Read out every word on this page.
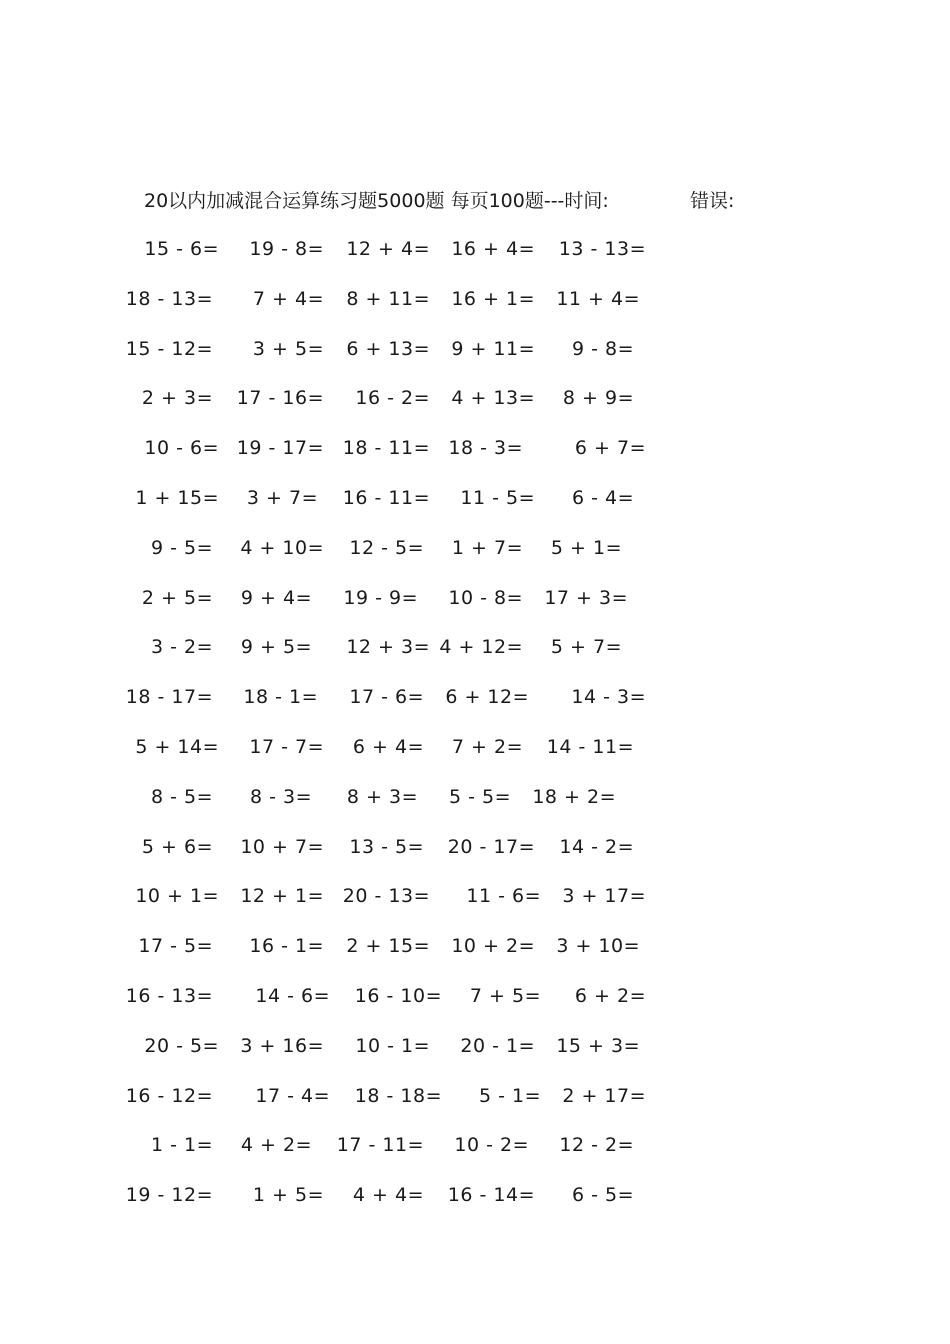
20以内加减混合运算练习题5000题 每页100题---时间:	错误:
15 - 6= 19 - 8= 12 + 4= 16 + 4= 13 - 13=
18 - 13= 7 + 4= 8 + 11= 16 + 1= 11 + 4=
15 - 12= 3 + 5= 6 + 13= 9 + 11= 9 - 8=
2 + 3= 17 - 16= 16 - 2= 4 + 13= 8 + 9=
10 - 6= 19 - 17= 18 - 11= 18 - 3=	6 + 7=
1 + 15= 3 + 7= 16 - 11= 11 - 5= 6 - 4=
9 - 5= 4 + 10= 12 - 5= 1 + 7= 5 + 1=
2 + 5= 9 + 4= 19 - 9= 10 - 8= 17 + 3=
3 - 2= 9 + 5= 12 + 3= 4 + 12= 5 + 7=
18 - 17= 18 - 1= 17 - 6= 6 + 12= 14 - 3=
5 + 14= 17 - 7= 6 + 4= 7 + 2= 14 - 11=
8 - 5= 8 - 3= 8 + 3= 5 - 5= 18 + 2=
5 + 6= 10 + 7= 13 - 5= 20 - 17= 14 - 2=
10 + 1= 12 + 1= 20 - 13= 11 - 6= 3 + 17=
17 - 5= 16 - 1= 2 + 15= 10 + 2= 3 + 10=
16 - 13= 14 - 6= 16 - 10= 7 + 5= 6 + 2=
20 - 5= 3 + 16= 10 - 1= 20 - 1= 15 + 3=
16 - 12= 17 - 4= 18 - 18= 5 - 1= 2 + 17=
1 - 1= 4 + 2= 17 - 11= 10 - 2= 12 - 2=
19 - 12= 1 + 5= 4 + 4= 16 - 14= 6 - 5=
